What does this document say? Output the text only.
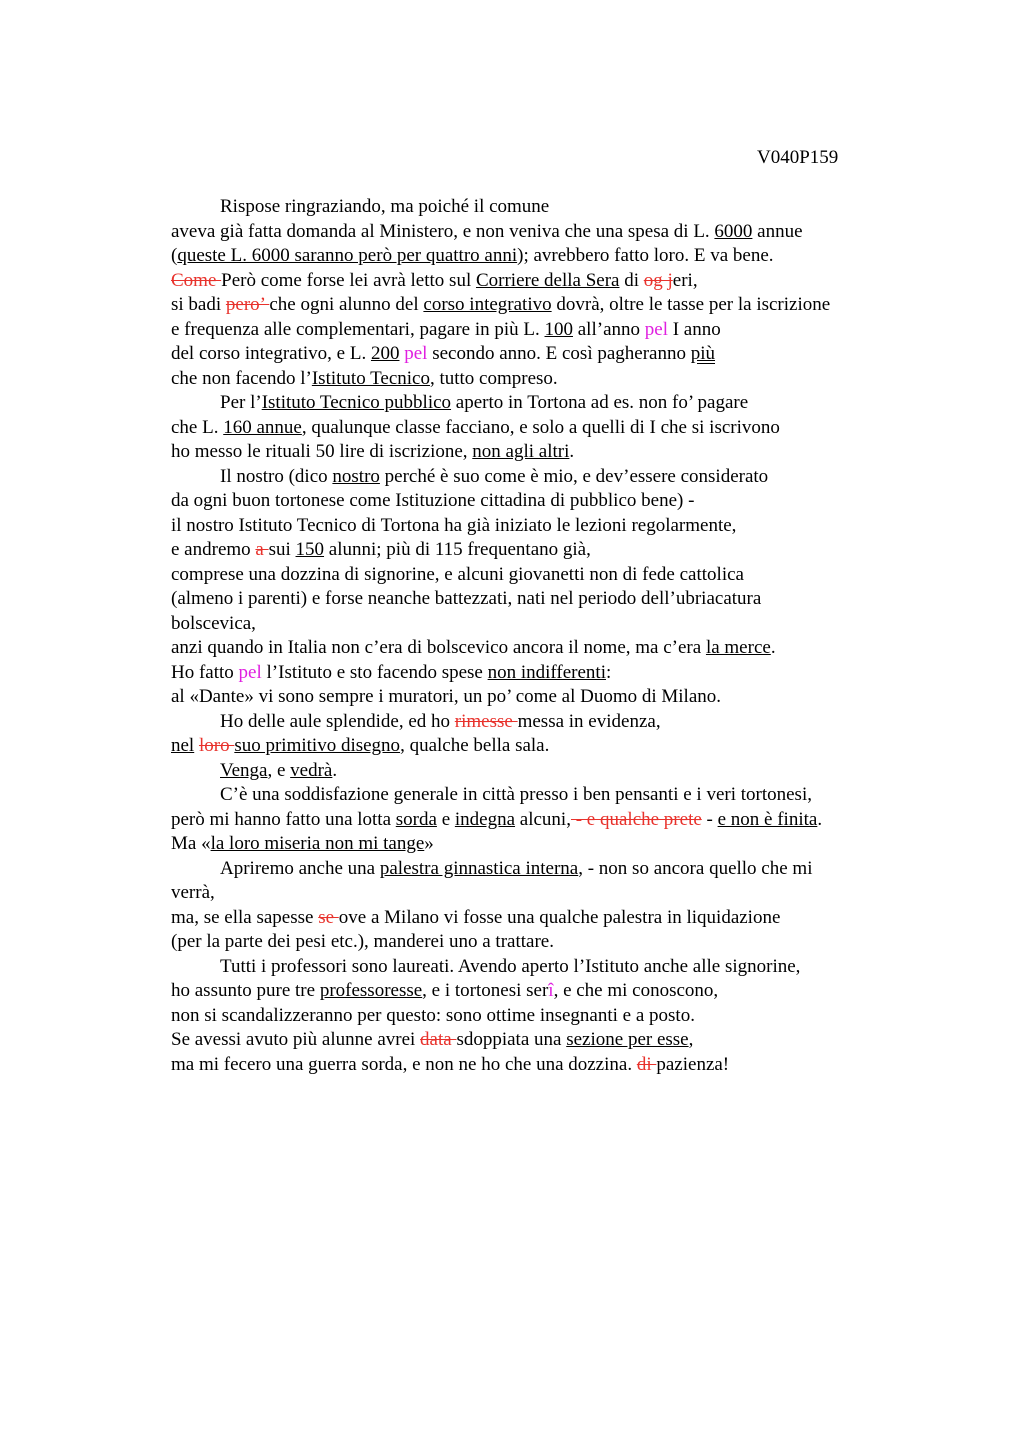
V040P159
Rispose ringraziando, ma poiché il comune
aveva già fatta domanda al Ministero, e non veniva che una spesa di L. 6000 annue
(queste L. 6000 saranno però per quattro anni); avrebbero fatto loro. E va bene.
Come Però come forse lei avrà letto sul Corriere della Sera di og jeri,
si badi pero’ che ogni alunno del corso integrativo dovrà, oltre le tasse per la iscrizione
e frequenza alle complementari, pagare in più L. 100 all’anno pel I anno
del corso integrativo, e L. 200 pel secondo anno. E così pagheranno più
che non facendo l’Istituto Tecnico, tutto compreso.
Per l’Istituto Tecnico pubblico aperto in Tortona ad es. non fo’ pagare
che L. 160 annue, qualunque classe facciano, e solo a quelli di I che si iscrivono
ho messo le rituali 50 lire di iscrizione, non agli altri.
Il nostro (dico nostro perché è suo come è mio, e dev’essere considerato
da ogni buon tortonese come Istituzione cittadina di pubblico bene) -
il nostro Istituto Tecnico di Tortona ha già iniziato le lezioni regolarmente,
e andremo a sui 150 alunni; più di 115 frequentano già,
comprese una dozzina di signorine, e alcuni giovanetti non di fede cattolica
(almeno i parenti) e forse neanche battezzati, nati nel periodo dell’ubriacatura
bolscevica,
anzi quando in Italia non c’era di bolscevico ancora il nome, ma c’era la merce.
Ho fatto pel l’Istituto e sto facendo spese non indifferenti:
al «Dante» vi sono sempre i muratori, un po’ come al Duomo di Milano.
Ho delle aule splendide, ed ho rimesse messa in evidenza,
nel loro suo primitivo disegno, qualche bella sala.
Venga, e vedrà.
C’è una soddisfazione generale in città presso i ben pensanti e i veri tortonesi,
però mi hanno fatto una lotta sorda e indegna alcuni, - e qualche prete - e non è finita.
Ma «la loro miseria non mi tange»
Apriremo anche una palestra ginnastica interna, - non so ancora quello che mi
verrà,
ma, se ella sapesse se ove a Milano vi fosse una qualche palestra in liquidazione
(per la parte dei pesi etc.), manderei uno a trattare.
Tutti i professori sono laureati. Avendo aperto l’Istituto anche alle signorine,
ho assunto pure tre professoresse, e i tortonesi serî, e che mi conoscono,
non si scandalizzeranno per questo: sono ottime insegnanti e a posto.
Se avessi avuto più alunne avrei data sdoppiata una sezione per esse,
ma mi fecero una guerra sorda, e non ne ho che una dozzina. di pazienza!
